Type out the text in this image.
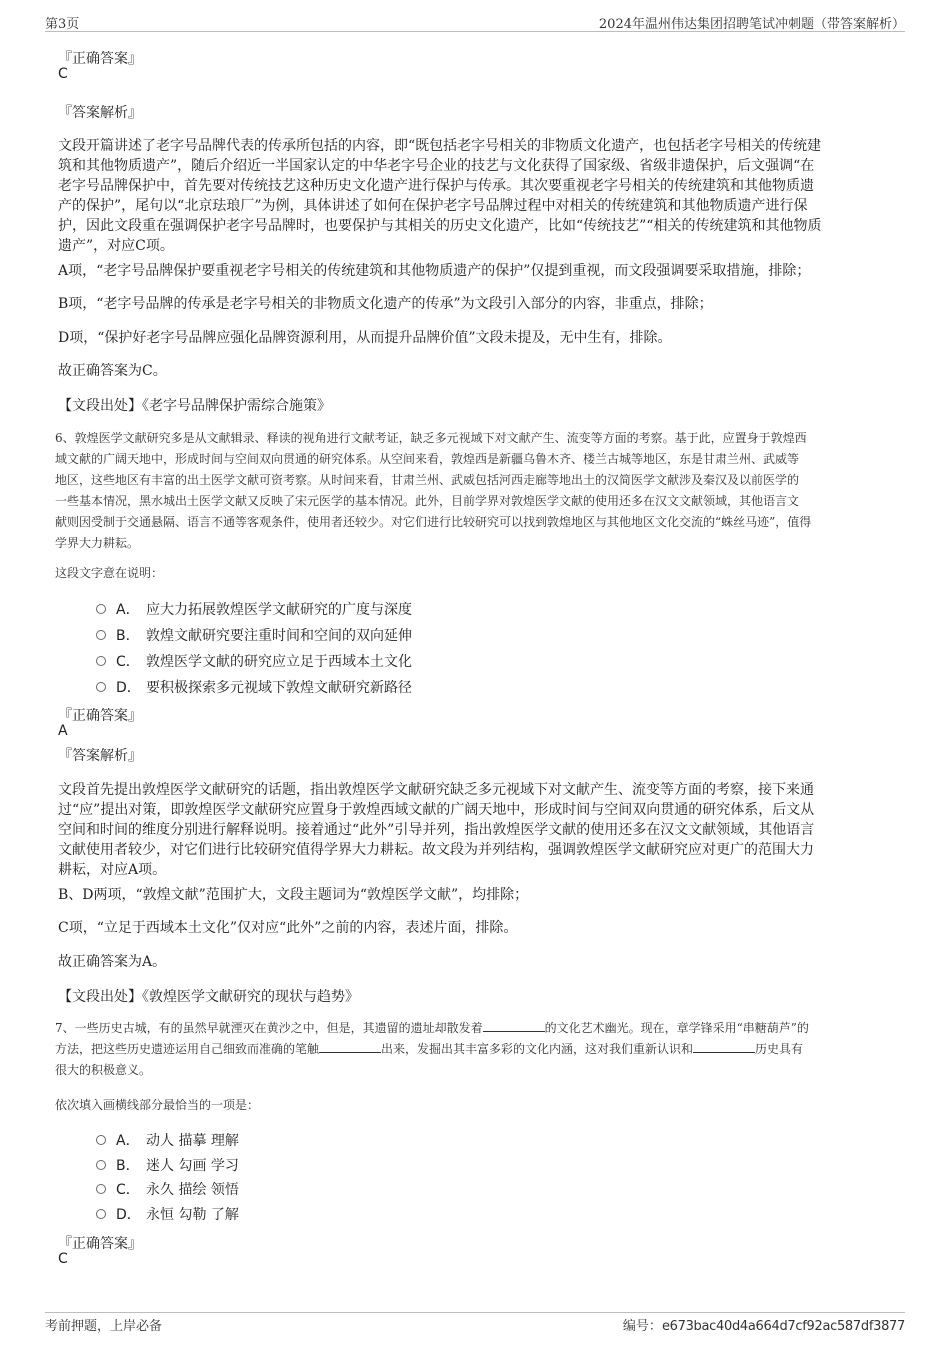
第3页	2024年温州伟达集团招聘笔试冲刺题（带答案解析）
『正确答案』
C
『答案解析』
文段开篇讲述了老字号品牌代表的传承所包括的内容，即“既包括老字号相关的非物质文化遗产，也包括老字号相关的传统建
筑和其他物质遗产”，随后介绍近一半国家认定的中华老字号企业的技艺与文化获得了国家级、省级非遗保护，后文强调“在
老字号品牌保护中，首先要对传统技艺这种历史文化遗产进行保护与传承。其次要重视老字号相关的传统建筑和其他物质遗
产的保护”，尾句以“北京珐琅厂”为例，具体讲述了如何在保护老字号品牌过程中对相关的传统建筑和其他物质遗产进行保
护，因此文段重在强调保护老字号品牌时，也要保护与其相关的历史文化遗产，比如“传统技艺”“相关的传统建筑和其他物质
遗产”，对应C项。
A项，“老字号品牌保护要重视老字号相关的传统建筑和其他物质遗产的保护”仅提到重视，而文段强调要采取措施，排除；
B项，“老字号品牌的传承是老字号相关的非物质文化遗产的传承”为文段引入部分的内容，非重点，排除；
D项，“保护好老字号品牌应强化品牌资源利用，从而提升品牌价值”文段未提及，无中生有，排除。
故正确答案为C。
【文段出处】《老字号品牌保护需综合施策》
6、敦煌医学文献研究多是从文献辑录、释读的视角进行文献考证，缺乏多元视域下对文献产生、流变等方面的考察。基于此，应置身于敦煌西
域文献的广阔天地中，形成时间与空间双向贯通的研究体系。从空间来看，敦煌西是新疆乌鲁木齐、楼兰古城等地区，东是甘肃兰州、武威等
地区，这些地区有丰富的出土医学文献可资考察。从时间来看，甘肃兰州、武威包括河西走廊等地出土的汉简医学文献涉及秦汉及以前医学的
一些基本情况，黑水城出土医学文献又反映了宋元医学的基本情况。此外，目前学界对敦煌医学文献的使用还多在汉文文献领域，其他语言文
献则因受制于交通悬隔、语言不通等客观条件，使用者还较少。对它们进行比较研究可以找到敦煌地区与其他地区文化交流的“蛛丝马迹”，值得
学界大力耕耘。
这段文字意在说明：
A． 应大力拓展敦煌医学文献研究的广度与深度
B． 敦煌文献研究要注重时间和空间的双向延伸
C． 敦煌医学文献的研究应立足于西域本土文化
D． 要积极探索多元视域下敦煌文献研究新路径
『正确答案』
A
『答案解析』
文段首先提出敦煌医学文献研究的话题，指出敦煌医学文献研究缺乏多元视域下对文献产生、流变等方面的考察，接下来通
过“应”提出对策，即敦煌医学文献研究应置身于敦煌西域文献的广阔天地中，形成时间与空间双向贯通的研究体系，后文从
空间和时间的维度分别进行解释说明。接着通过“此外”引导并列，指出敦煌医学文献的使用还多在汉文文献领域，其他语言
文献使用者较少，对它们进行比较研究值得学界大力耕耘。故文段为并列结构，强调敦煌医学文献研究应对更广的范围大力
耕耘，对应A项。
B、D两项，“敦煌文献”范围扩大，文段主题词为“敦煌医学文献”，均排除；
C项，“立足于西域本土文化”仅对应“此外”之前的内容，表述片面，排除。
故正确答案为A。
【文段出处】《敦煌医学文献研究的现状与趋势》
7、一些历史古城，有的虽然早就湮灭在黄沙之中，但是，其遗留的遗址却散发着	的文化艺术幽光。现在，章学锋采用“串糖葫芦”的
方法，把这些历史遗迹运用自己细致而准确的笔触	出来，发掘出其丰富多彩的文化内涵，这对我们重新认识和	历史具有
很大的积极意义。
依次填入画横线部分最恰当的一项是：
A． 动人 描摹 理解
B． 迷人 勾画 学习
C． 永久 描绘 领悟
D． 永恒 勾勒 了解
『正确答案』
C
考前押题，上岸必备	编号：e673bac40d4a664d7cf92ac587df3877
